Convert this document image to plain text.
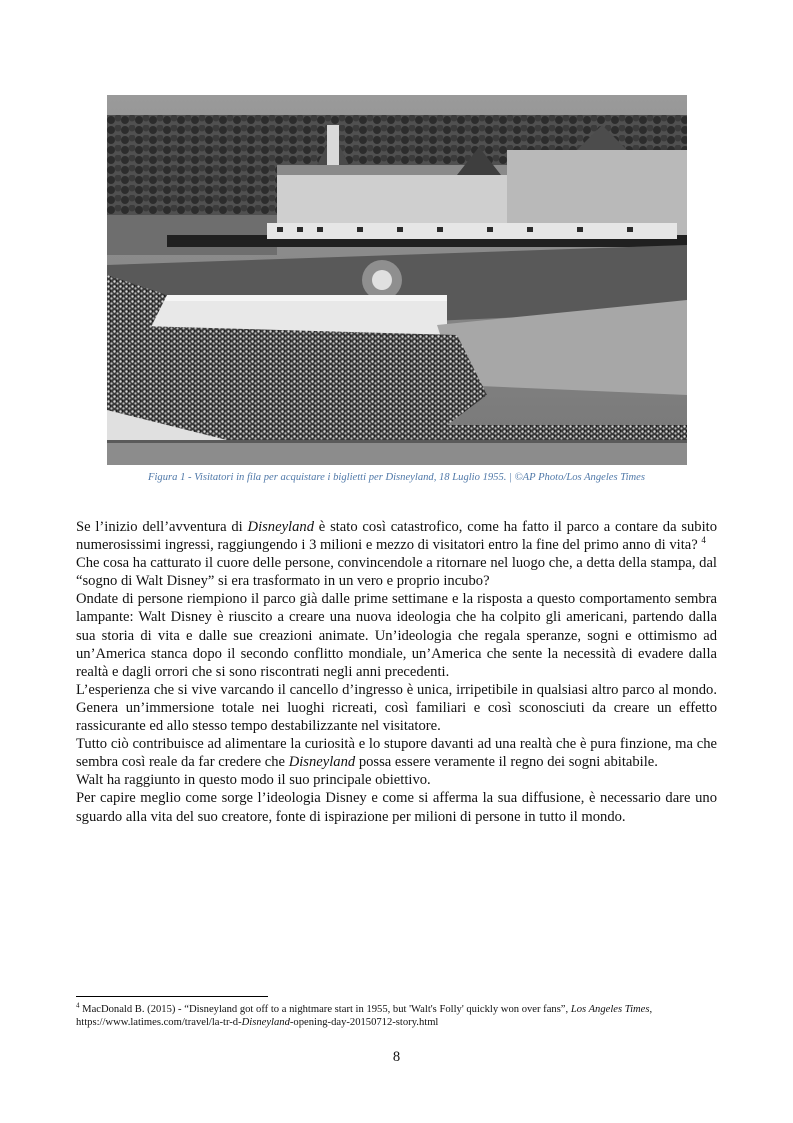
Figura 1 - Visitatori in fila per acquistare i biglietti per Disneyland, 18 Luglio 1955. | ©AP Photo/Los Angeles Times

Se l’inizio dell’avventura di Disneyland è stato così catastrofico, come ha fatto il parco a contare da subito numerosissimi ingressi, raggiungendo i 3 milioni e mezzo di visitatori entro la fine del primo anno di vita? $^4$

Che cosa ha catturato il cuore delle persone, convincendole a ritornare nel luogo che, a detta della stampa, dal “sogno di Walt Disney” si era trasformato in un vero e proprio incubo?

Ondate di persone riempiono il parco già dalle prime settimane e la risposta a questo comportamento sembra lampante: Walt Disney è riuscito a creare una nuova ideologia che ha colpito gli americani, partendo dalla sua storia di vita e dalle sue creazioni animate. Un’ideologia che regala speranze, sogni e ottimismo ad un’America stanca dopo il secondo conflitto mondiale, un’America che sente la necessità di evadere dalla realtà e dagli orrori che si sono riscontrati negli anni precedenti.

L’esperienza che si vive varcando il cancello d’ingresso è unica, irripetibile in qualsiasi altro parco al mondo. Genera un’immersione totale nei luoghi ricreati, così familiari e così sconosciuti da creare un effetto rassicurante ed allo stesso tempo destabilizzante nel visitatore.

Tutto ciò contribuisce ad alimentare la curiosità e lo stupore davanti ad una realtà che è pura finzione, ma che sembra così reale da far credere che Disneyland possa essere veramente il regno dei sogni abitabile.

Walt ha raggiunto in questo modo il suo principale obiettivo.

Per capire meglio come sorge l’ideologia Disney e come si afferma la sua diffusione, è necessario dare uno sguardo alla vita del suo creatore, fonte di ispirazione per milioni di persone in tutto il mondo.

$^4$ MacDonald B. (2015) - “Disneyland got off to a nightmare start in 1955, but 'Walt's Folly' quickly won over fans”, Los Angeles Times, https://www.latimes.com/travel/la-tr-d-Disneyland-opening-day-20150712-story.html
8
